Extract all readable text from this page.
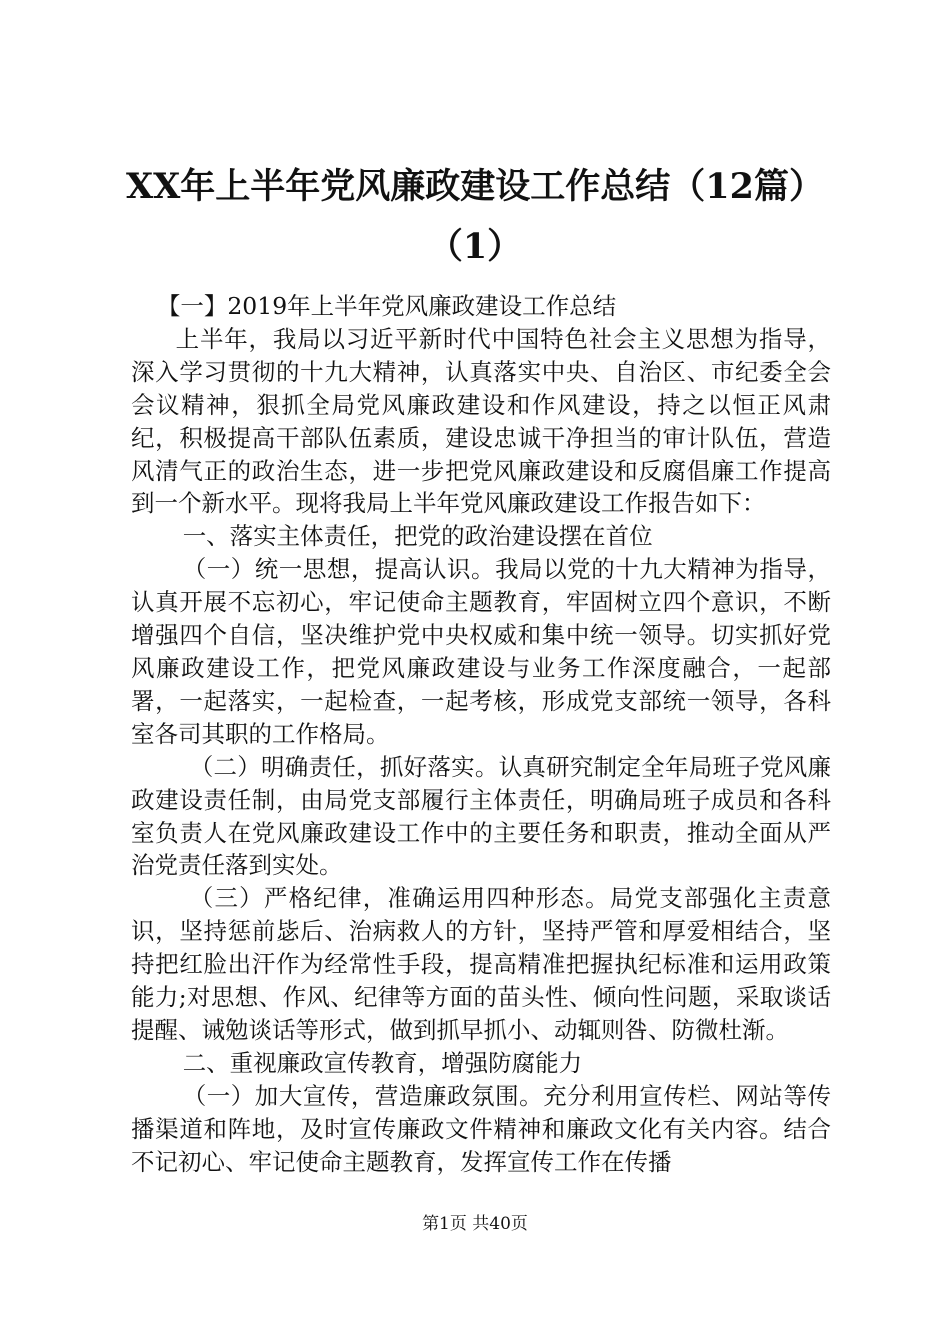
XX年上半年党风廉政建设工作总结（12篇）
（1）

【一】2019年上半年党风廉政建设工作总结

上半年，我局以习近平新时代中国特色社会主义思想为指导，深入学习贯彻的十九大精神，认真落实中央、自治区、市纪委全会会议精神，狠抓全局党风廉政建设和作风建设，持之以恒正风肃纪，积极提高干部队伍素质，建设忠诚干净担当的审计队伍，营造风清气正的政治生态，进一步把党风廉政建设和反腐倡廉工作提高到一个新水平。现将我局上半年党风廉政建设工作报告如下：

一、落实主体责任，把党的政治建设摆在首位

（一）统一思想，提高认识。我局以党的十九大精神为指导，认真开展不忘初心，牢记使命主题教育，牢固树立四个意识，不断增强四个自信，坚决维护党中央权威和集中统一领导。切实抓好党风廉政建设工作，把党风廉政建设与业务工作深度融合，一起部署，一起落实，一起检查，一起考核，形成党支部统一领导，各科室各司其职的工作格局。

（二）明确责任，抓好落实。认真研究制定全年局班子党风廉政建设责任制，由局党支部履行主体责任，明确局班子成员和各科室负责人在党风廉政建设工作中的主要任务和职责，推动全面从严治党责任落到实处。

（三）严格纪律，准确运用四种形态。局党支部强化主责意识，坚持惩前毖后、治病救人的方针，坚持严管和厚爱相结合，坚持把红脸出汗作为经常性手段，提高精准把握执纪标准和运用政策能力;对思想、作风、纪律等方面的苗头性、倾向性问题，采取谈话提醒、诫勉谈话等形式，做到抓早抓小、动辄则咎、防微杜渐。

二、重视廉政宣传教育，增强防腐能力

（一）加大宣传，营造廉政氛围。充分利用宣传栏、网站等传播渠道和阵地，及时宣传廉政文件精神和廉政文化有关内容。结合不记初心、牢记使命主题教育，发挥宣传工作在传播

第1页 共40页
